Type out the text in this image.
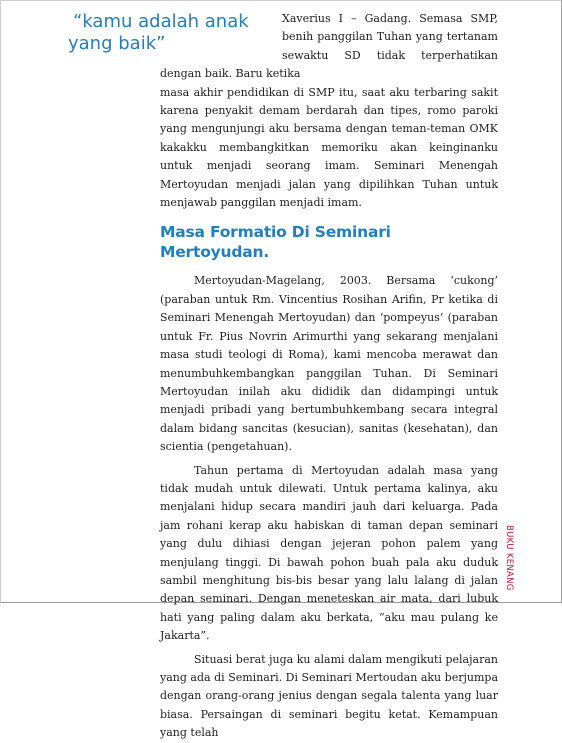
“kamu adalah anak

yang baik”

Xaverius I – Gadang. Semasa SMP, benih panggilan Tuhan yang tertanam sewaktu SD tidak terperhatikan dengan baik. Baru ketika

masa akhir pendidikan di SMP itu, saat aku terbaring sakit karena penyakit demam berdarah dan tipes, romo paroki yang mengunjungi aku bersama dengan teman-teman OMK kakakku membangkitkan memoriku akan keinginanku untuk menjadi seorang imam. Seminari Menengah Mertoyudan menjadi jalan yang dipilihkan Tuhan untuk menjawab panggilan menjadi imam.

Masa Formatio Di Seminari Mertoyudan.

Mertoyudan-Magelang, 2003. Bersama ‘cukong’ (paraban untuk Rm. Vincentius Rosihan Arifin, Pr ketika di Seminari Menengah Mertoyudan) dan ‘pompeyus’ (paraban untuk Fr. Pius Novrin Arimurthi yang sekarang menjalani masa studi teologi di Roma), kami mencoba merawat dan menumbuhkembangkan panggilan Tuhan. Di Seminari Mertoyudan inilah aku dididik dan didampingi untuk menjadi pribadi yang bertumbuhkembang secara integral dalam bidang sancitas (kesucian), sanitas (kesehatan), dan scientia (pengetahuan).

Tahun pertama di Mertoyudan adalah masa yang tidak mudah untuk dilewati. Untuk pertama kalinya, aku menjalani hidup secara mandiri jauh dari keluarga. Pada jam rohani kerap aku habiskan di taman depan seminari yang dulu dihiasi dengan jejeran pohon palem yang menjulang tinggi. Di bawah pohon buah pala aku duduk sambil menghitung bis-bis besar yang lalu lalang di jalan depan seminari. Dengan meneteskan air mata, dari lubuk hati yang paling dalam aku berkata, “aku mau pulang ke Jakarta”.

Situasi berat juga ku alami dalam mengikuti pelajaran yang ada di Seminari. Di Seminari Mertoudan aku berjumpa dengan orang-orang jenius dengan segala talenta yang luar biasa. Persaingan di seminari begitu ketat. Kemampuan yang telah

BUKU KENANG
